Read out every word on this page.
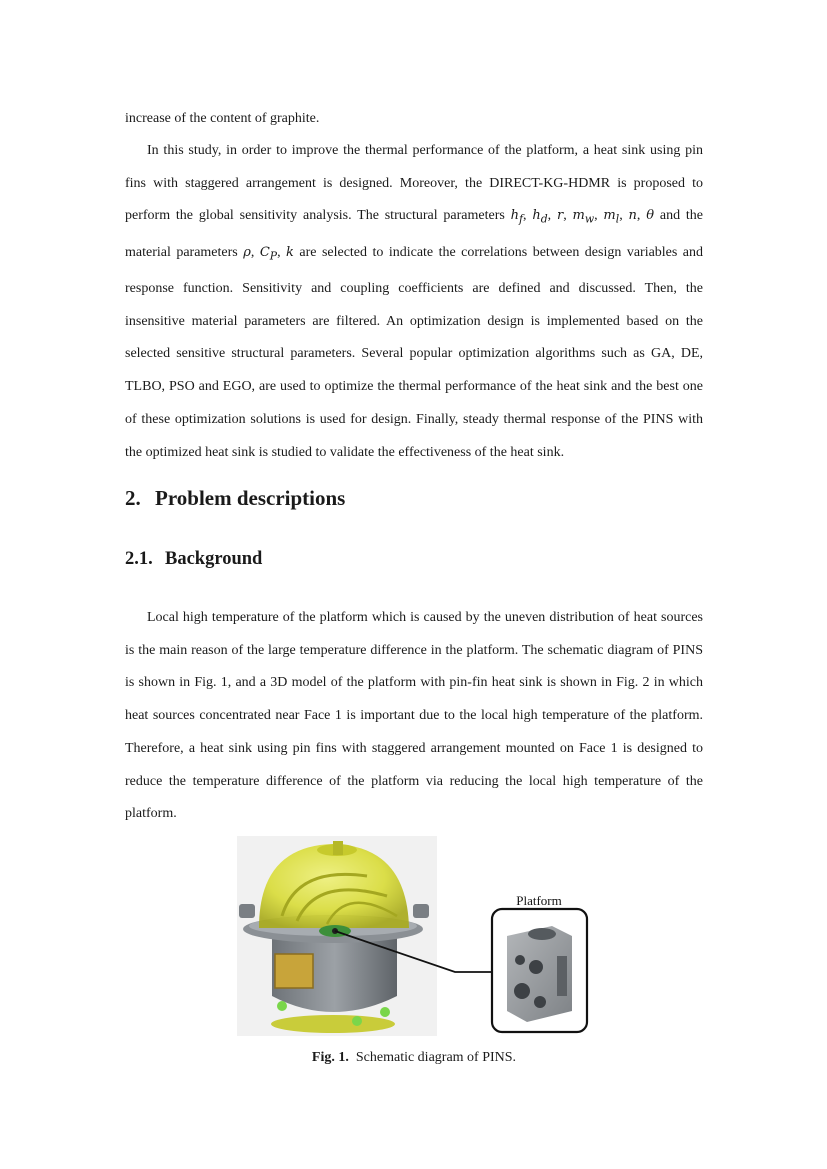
increase of the content of graphite.

In this study, in order to improve the thermal performance of the platform, a heat sink using pin fins with staggered arrangement is designed. Moreover, the DIRECT-KG-HDMR is proposed to perform the global sensitivity analysis. The structural parameters $h_f$, $h_d$, r, $m_w$, $m_l$, n, θ and the material parameters ρ, $C_P$, k are selected to indicate the correlations between design variables and response function. Sensitivity and coupling coefficients are defined and discussed. Then, the insensitive material parameters are filtered. An optimization design is implemented based on the selected sensitive structural parameters. Several popular optimization algorithms such as GA, DE, TLBO, PSO and EGO, are used to optimize the thermal performance of the heat sink and the best one of these optimization solutions is used for design. Finally, steady thermal response of the PINS with the optimized heat sink is studied to validate the effectiveness of the heat sink.

2. Problem descriptions
2.1. Background

Local high temperature of the platform which is caused by the uneven distribution of heat sources is the main reason of the large temperature difference in the platform. The schematic diagram of PINS is shown in Fig. 1, and a 3D model of the platform with pin-fin heat sink is shown in Fig. 2 in which heat sources concentrated near Face 1 is important due to the local high temperature of the platform. Therefore, a heat sink using pin fins with staggered arrangement mounted on Face 1 is designed to reduce the temperature difference of the platform via reducing the local high temperature of the platform.

Platform
Fig. 1. Schematic diagram of PINS.
